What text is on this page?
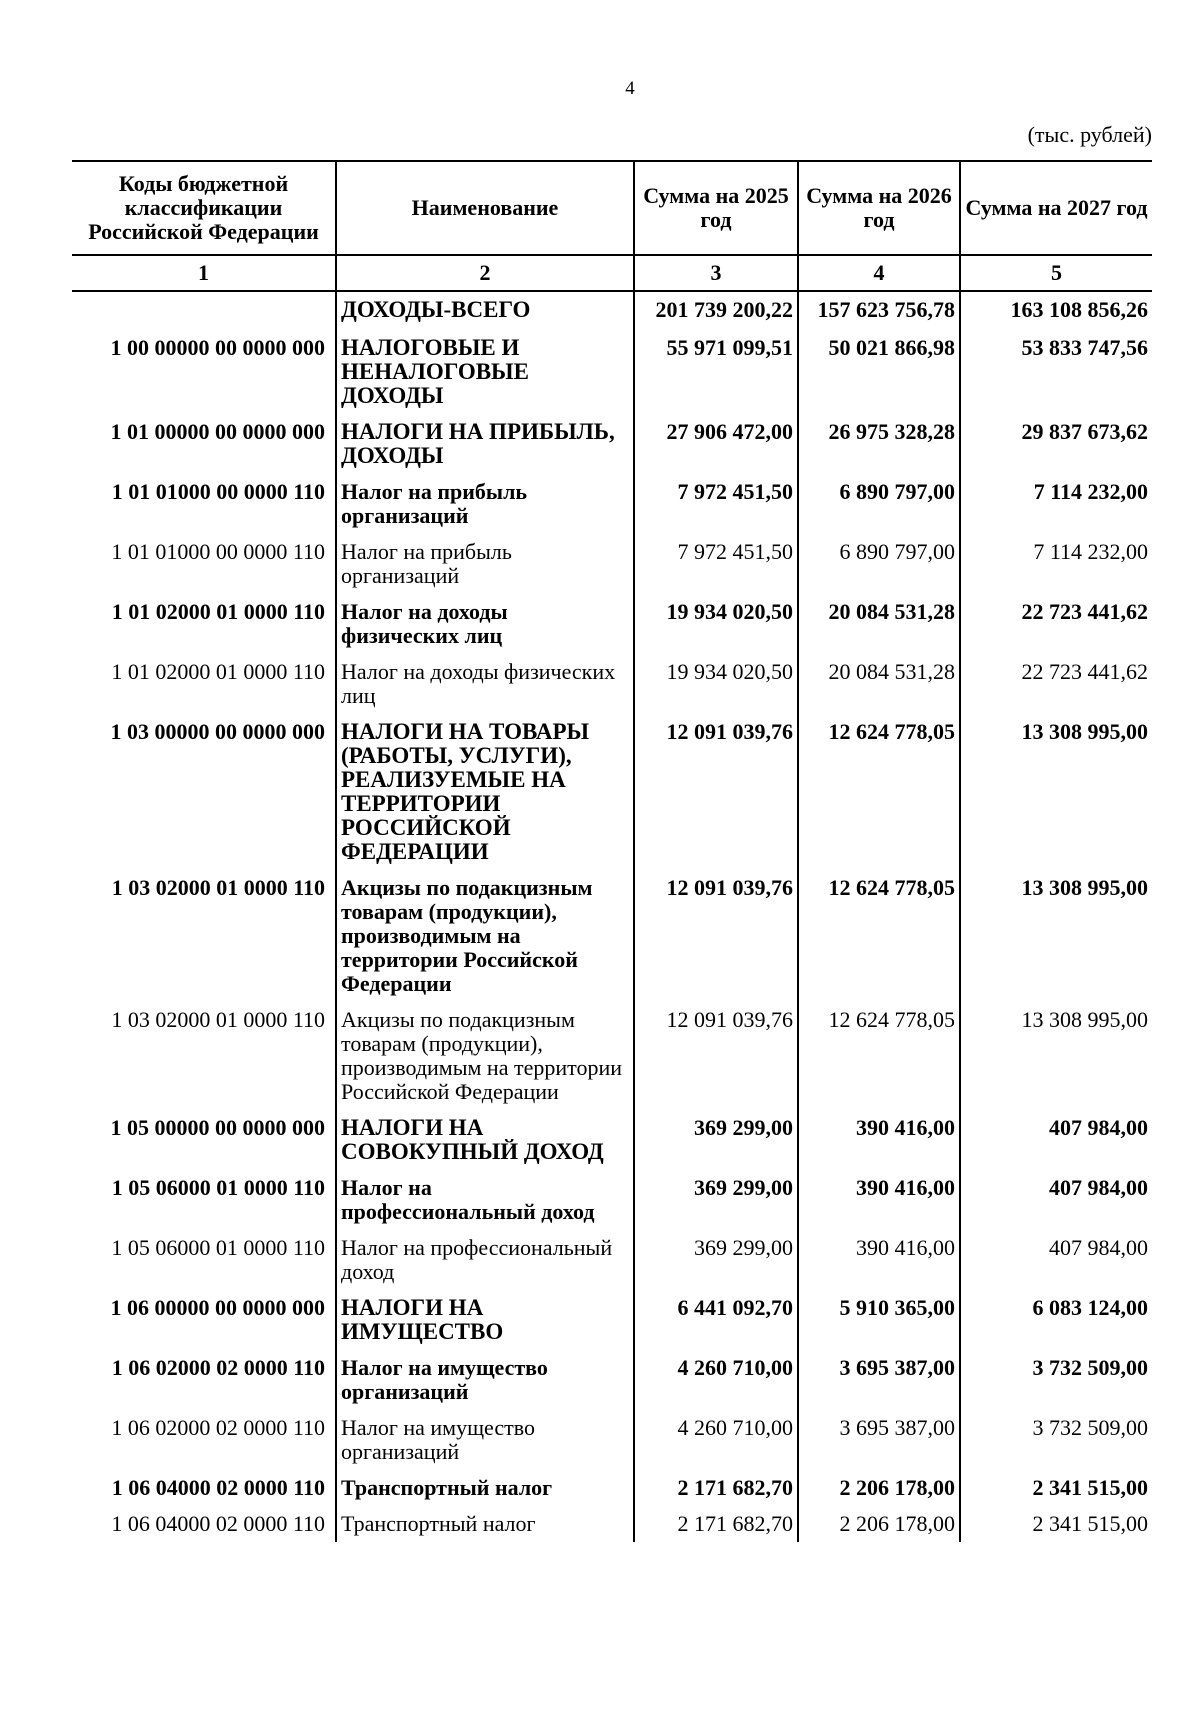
4
(тыс. рублей)
Коды бюджетной классификации Российской Федерации	Наименование	Сумма на 2025 год	Сумма на 2026 год	Сумма на 2027 год
1	2	3	4	5
	ДОХОДЫ-ВСЕГО	201 739 200,22	157 623 756,78	163 108 856,26
1 00 00000 00 0000 000	НАЛОГОВЫЕ И НЕНАЛОГОВЫЕ ДОХОДЫ	55 971 099,51	50 021 866,98	53 833 747,56
1 01 00000 00 0000 000	НАЛОГИ НА ПРИБЫЛЬ, ДОХОДЫ	27 906 472,00	26 975 328,28	29 837 673,62
1 01 01000 00 0000 110	Налог на прибыль организаций	7 972 451,50	6 890 797,00	7 114 232,00
1 01 01000 00 0000 110	Налог на прибыль организаций	7 972 451,50	6 890 797,00	7 114 232,00
1 01 02000 01 0000 110	Налог на доходы физических лиц	19 934 020,50	20 084 531,28	22 723 441,62
1 01 02000 01 0000 110	Налог на доходы физических лиц	19 934 020,50	20 084 531,28	22 723 441,62
1 03 00000 00 0000 000	НАЛОГИ НА ТОВАРЫ (РАБОТЫ, УСЛУГИ), РЕАЛИЗУЕМЫЕ НА ТЕРРИТОРИИ РОССИЙСКОЙ ФЕДЕРАЦИИ	12 091 039,76	12 624 778,05	13 308 995,00
1 03 02000 01 0000 110	Акцизы по подакцизным товарам (продукции), производимым на территории Российской Федерации	12 091 039,76	12 624 778,05	13 308 995,00
1 03 02000 01 0000 110	Акцизы по подакцизным товарам (продукции), производимым на территории Российской Федерации	12 091 039,76	12 624 778,05	13 308 995,00
1 05 00000 00 0000 000	НАЛОГИ НА СОВОКУПНЫЙ ДОХОД	369 299,00	390 416,00	407 984,00
1 05 06000 01 0000 110	Налог на профессиональный доход	369 299,00	390 416,00	407 984,00
1 05 06000 01 0000 110	Налог на профессиональный доход	369 299,00	390 416,00	407 984,00
1 06 00000 00 0000 000	НАЛОГИ НА ИМУЩЕСТВО	6 441 092,70	5 910 365,00	6 083 124,00
1 06 02000 02 0000 110	Налог на имущество организаций	4 260 710,00	3 695 387,00	3 732 509,00
1 06 02000 02 0000 110	Налог на имущество организаций	4 260 710,00	3 695 387,00	3 732 509,00
1 06 04000 02 0000 110	Транспортный налог	2 171 682,70	2 206 178,00	2 341 515,00
1 06 04000 02 0000 110	Транспортный налог	2 171 682,70	2 206 178,00	2 341 515,00
